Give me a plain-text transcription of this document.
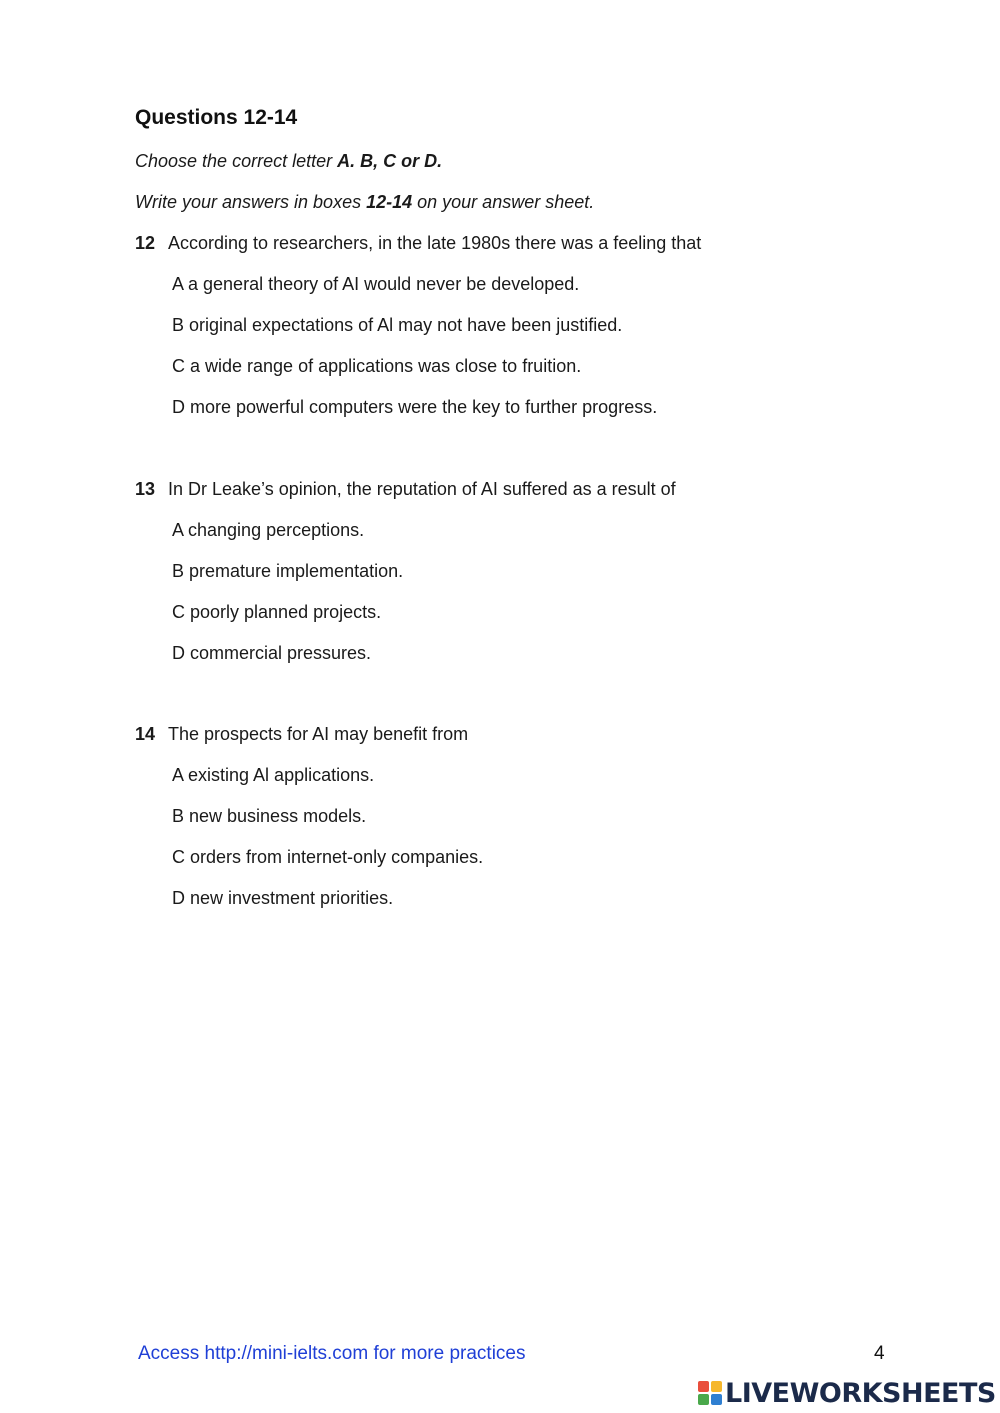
Questions 12-14
Choose the correct letter A. B, C or D.
Write your answers in boxes 12-14 on your answer sheet.
12 According to researchers, in the late 1980s there was a feeling that
A a general theory of AI would never be developed.
B original expectations of Al may not have been justified.
C a wide range of applications was close to fruition.
D more powerful computers were the key to further progress.
13 In Dr Leake’s opinion, the reputation of AI suffered as a result of
A changing perceptions.
B premature implementation.
C poorly planned projects.
D commercial pressures.
14 The prospects for AI may benefit from
A existing Al applications.
B new business models.
C orders from internet-only companies.
D new investment priorities.
Access http://mini-ielts.com for more practices	4
LIVEWORKSHEETS
